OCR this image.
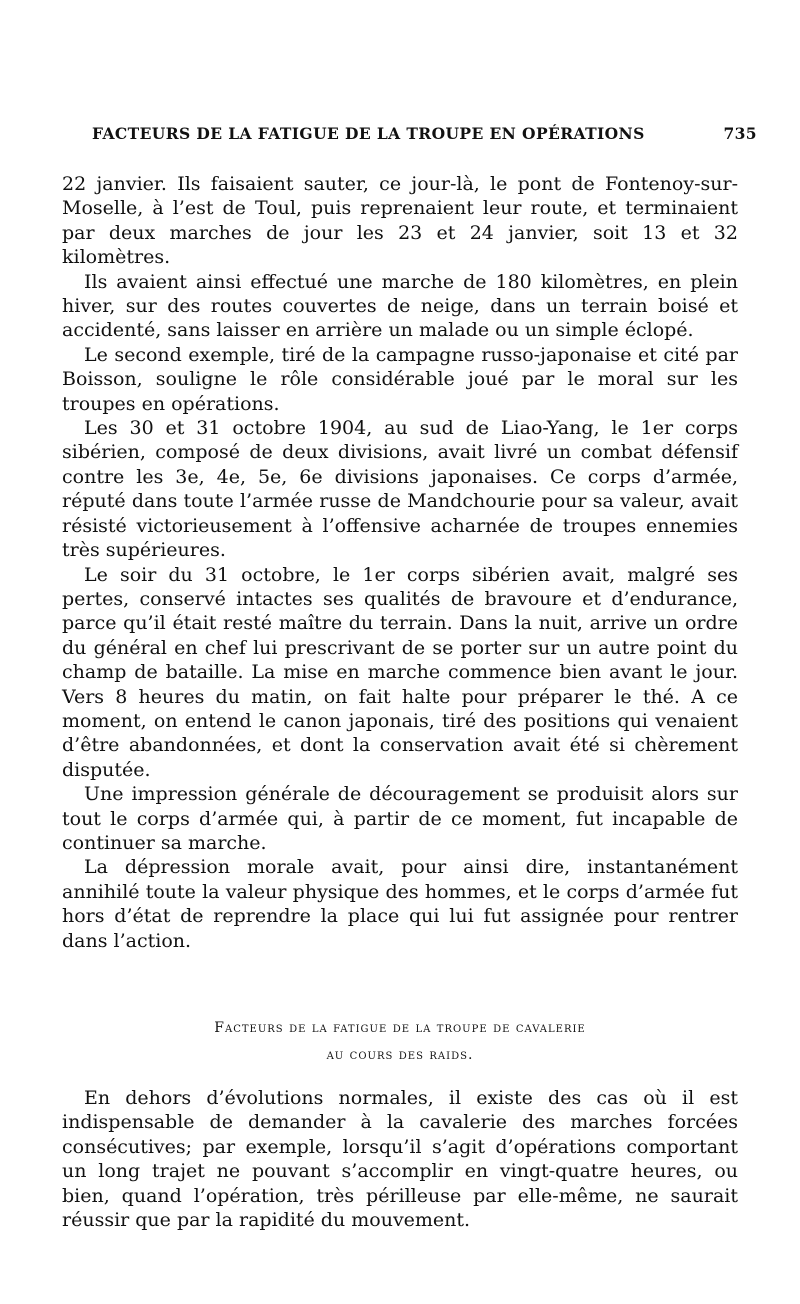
FACTEURS DE LA FATIGUE DE LA TROUPE EN OPÉRATIONS	735

22 janvier. Ils faisaient sauter, ce jour-là, le pont de Fontenoy-sur-Moselle, à l’est de Toul, puis reprenaient leur route, et terminaient par deux marches de jour les 23 et 24 janvier, soit 13 et 32 kilomètres.

Ils avaient ainsi effectué une marche de 180 kilomètres, en plein hiver, sur des routes couvertes de neige, dans un terrain boisé et accidenté, sans laisser en arrière un malade ou un simple éclopé.

Le second exemple, tiré de la campagne russo-japonaise et cité par Boisson, souligne le rôle considérable joué par le moral sur les troupes en opérations.

Les 30 et 31 octobre 1904, au sud de Liao-Yang, le 1er corps sibérien, composé de deux divisions, avait livré un combat défensif contre les 3e, 4e, 5e, 6e divisions japonaises. Ce corps d’armée, réputé dans toute l’armée russe de Mandchourie pour sa valeur, avait résisté victorieusement à l’offensive acharnée de troupes ennemies très supérieures.

Le soir du 31 octobre, le 1er corps sibérien avait, malgré ses pertes, conservé intactes ses qualités de bravoure et d’endurance, parce qu’il était resté maître du terrain. Dans la nuit, arrive un ordre du général en chef lui prescrivant de se porter sur un autre point du champ de bataille. La mise en marche commence bien avant le jour. Vers 8 heures du matin, on fait halte pour préparer le thé. A ce moment, on entend le canon japonais, tiré des positions qui venaient d’être abandonnées, et dont la conservation avait été si chèrement disputée.

Une impression générale de découragement se produisit alors sur tout le corps d’armée qui, à partir de ce moment, fut incapable de continuer sa marche.

La dépression morale avait, pour ainsi dire, instantanément annihilé toute la valeur physique des hommes, et le corps d’armée fut hors d’état de reprendre la place qui lui fut assignée pour rentrer dans l’action.

Facteurs de la fatigue de la troupe de cavalerie
au cours des raids.

En dehors d’évolutions normales, il existe des cas où il est indispensable de demander à la cavalerie des marches forcées consécutives; par exemple, lorsqu’il s’agit d’opérations comportant un long trajet ne pouvant s’accomplir en vingt-quatre heures, ou bien, quand l’opération, très périlleuse par elle-même, ne saurait réussir que par la rapidité du mouvement.
